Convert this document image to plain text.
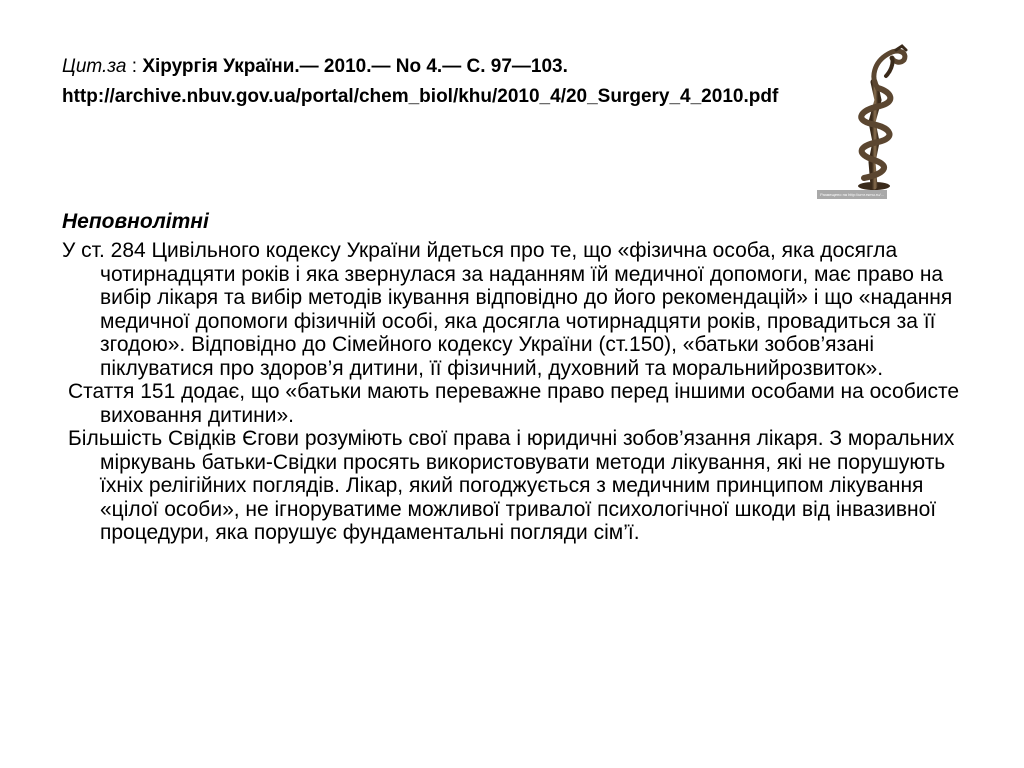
Цит.за : Хірургія України.— 2010.— No 4.— С. 97—103.
http://archive.nbuv.gov.ua/portal/chem_biol/khu/2010_4/20_Surgery_4_2010.pdf
Размещено на http://umr.rsmu.ru/...
Неповнолітні

У ст. 284 Цивільного кодексу України йдеться про те, що «фізична особа, яка досягла чотирнадцяти років і яка звернулася за наданням їй медичної допомоги, має право на вибір лікаря та вибір методів ікування відповідно до його рекомендацій» і що «надання медичної допомоги фізичній особі, яка досягла чотирнадцяти років, провадиться за її згодою». Відповідно до Сімейного кодексу України (ст.150), «батьки зобов’язані піклуватися про здоров’я дитини, її фізичний, духовний та моральнийрозвиток».

Стаття 151 додає, що «батьки мають переважне право перед іншими особами на особисте виховання дитини».

Більшість Свідків Єгови розуміють свої права і юридичні зобов’язання лікаря. З моральних міркувань батьки-Свідки просять використовувати методи лікування, які не порушують їхніх релігійних поглядів. Лікар, який погоджується з медичним принципом лікування «цілої особи», не ігноруватиме можливої тривалої психологічної шкоди від інвазивної процедури, яка порушує фундаментальні погляди сім’ї.
